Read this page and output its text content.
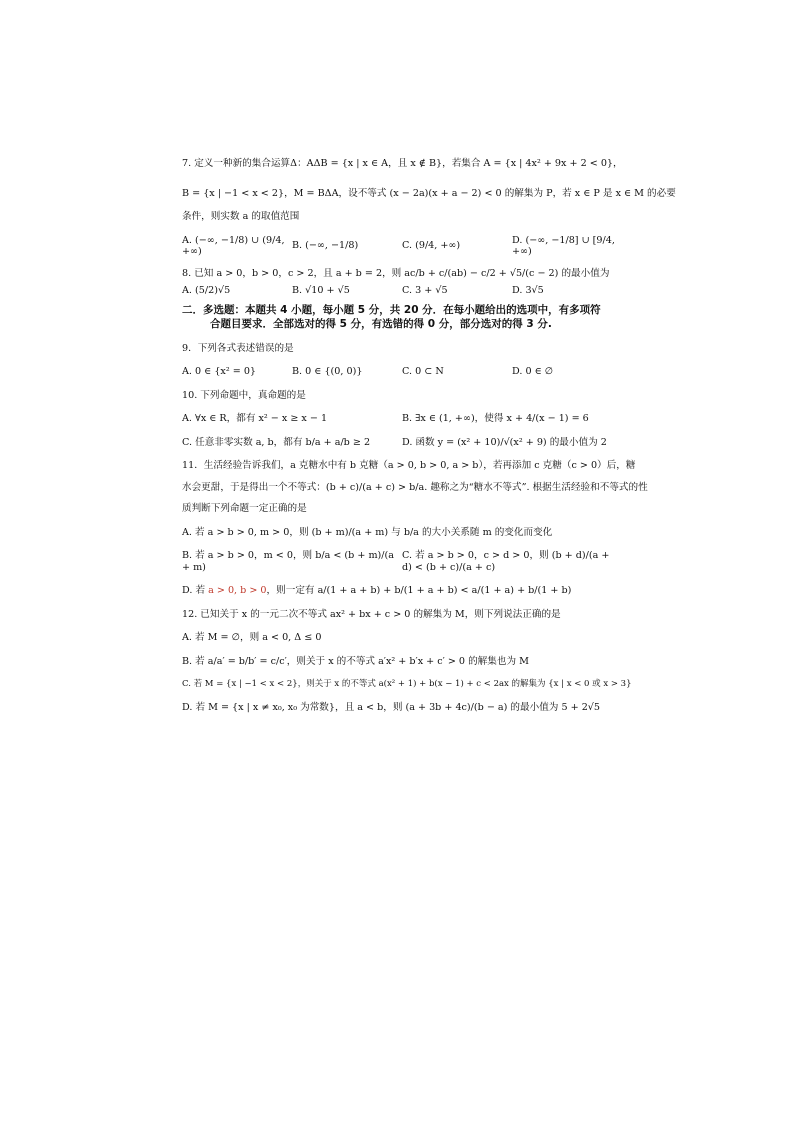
7. 定义一种新的集合运算Δ：AΔB = {x | x ∈ A，且 x ∉ B}，若集合 A = {x | 4x² + 9x + 2 < 0}，
B = {x | −1 < x < 2}，M = BΔA，设不等式 (x − 2a)(x + a − 2) < 0 的解集为 P，若 x ∈ P 是 x ∈ M 的必要
条件，则实数 a 的取值范围
A. (−∞, −1/8) ∪ (9/4, +∞)
B. (−∞, −1/8)	C. (9/4, +∞)
D. (−∞, −1/8] ∪ [9/4, +∞)
8. 已知 a > 0，b > 0，c > 2，且 a + b = 2，则 ac/b + c/(ab) − c/2 + √5/(c − 2) 的最小值为
A. (5/2)√5	B. √10 + √5	C. 3 + √5	D. 3√5
二．多选题：本题共 4 小题，每小题 5 分，共 20 分．在每小题给出的选项中，有多项符
合题目要求．全部选对的得 5 分，有选错的得 0 分，部分选对的得 3 分.
9．下列各式表述错误的是
A. 0 ∈ {x² = 0}	B. 0 ∈ {(0, 0)}	C. 0 ⊂ N	D. 0 ∈ ∅
10. 下列命题中，真命题的是
A. ∀x ∈ R，都有 x² − x ≥ x − 1	B. ∃x ∈ (1, +∞)，使得 x + 4/(x − 1) = 6
C. 任意非零实数 a, b，都有 b/a + a/b ≥ 2	D. 函数 y = (x² + 10)/√(x² + 9) 的最小值为 2
11．生活经验告诉我们，a 克糖水中有 b 克糖（a > 0, b > 0, a > b），若再添加 c 克糖（c > 0）后，糖
水会更甜，于是得出一个不等式：(b + c)/(a + c) > b/a. 趣称之为“糖水不等式”. 根据生活经验和不等式的性
质判断下列命题一定正确的是
A. 若 a > b > 0, m > 0，则 (b + m)/(a + m) 与 b/a 的大小关系随 m 的变化而变化
B. 若 a > b > 0，m < 0，则 b/a < (b + m)/(a + m)
C. 若 a > b > 0，c > d > 0，则 (b + d)/(a + d) < (b + c)/(a + c)
D. 若 a > 0, b > 0，则一定有 a/(1 + a + b) + b/(1 + a + b) < a/(1 + a) + b/(1 + b)
12. 已知关于 x 的一元二次不等式 ax² + bx + c > 0 的解集为 M，则下列说法正确的是
A. 若 M = ∅，则 a < 0, Δ ≤ 0
B. 若 a/a′ = b/b′ = c/c′，则关于 x 的不等式 a′x² + b′x + c′ > 0 的解集也为 M
C. 若 M = {x | −1 < x < 2}，则关于 x 的不等式 a(x² + 1) + b(x − 1) + c < 2ax 的解集为 {x | x < 0 或 x > 3}
D. 若 M = {x | x ≠ x₀, x₀ 为常数}，且 a < b，则 (a + 3b + 4c)/(b − a) 的最小值为 5 + 2√5
